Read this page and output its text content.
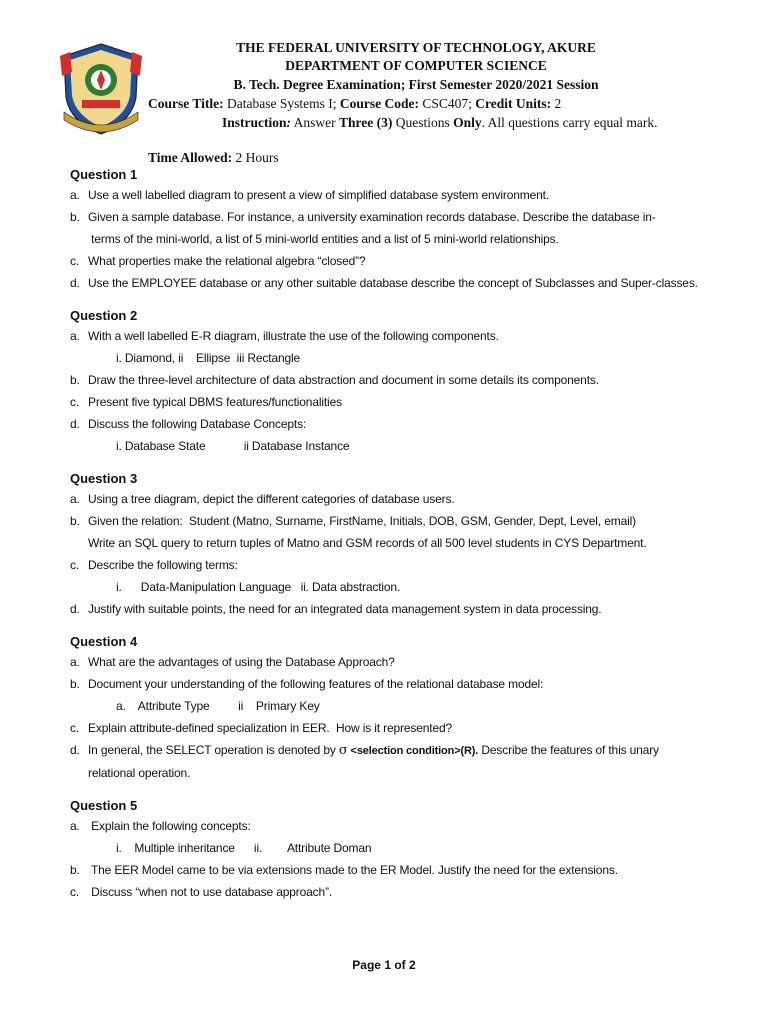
THE FEDERAL UNIVERSITY OF TECHNOLOGY, AKURE
DEPARTMENT OF COMPUTER SCIENCE
B. Tech. Degree Examination; First Semester 2020/2021 Session
Course Title: Database Systems I; Course Code: CSC407; Credit Units: 2
Instruction: Answer Three (3) Questions Only. All questions carry equal mark.
Time Allowed: 2 Hours
Question 1
a. Use a well labelled diagram to present a view of simplified database system environment.
b. Given a sample database. For instance, a university examination records database. Describe the database in-
terms of the mini-world, a list of 5 mini-world entities and a list of 5 mini-world relationships.
c. What properties make the relational algebra “closed”?
d. Use the EMPLOYEE database or any other suitable database describe the concept of Subclasses and Super-classes.
Question 2
a. With a well labelled E-R diagram, illustrate the use of the following components.
i. Diamond, ii    Ellipse  iii Rectangle
b. Draw the three-level architecture of data abstraction and document in some details its components.
c. Present five typical DBMS features/functionalities
d. Discuss the following Database Concepts:
i. Database State            ii Database Instance
Question 3
a. Using a tree diagram, depict the different categories of database users.
b. Given the relation:  Student (Matno, Surname, FirstName, Initials, DOB, GSM, Gender, Dept, Level, email)
Write an SQL query to return tuples of Matno and GSM records of all 500 level students in CYS Department.
c. Describe the following terms:
i.      Data-Manipulation Language   ii. Data abstraction.
d. Justify with suitable points, the need for an integrated data management system in data processing.
Question 4
a. What are the advantages of using the Database Approach?
b. Document your understanding of the following features of the relational database model:
a.    Attribute Type         ii    Primary Key
c. Explain attribute-defined specialization in EER.  How is it represented?
d. In general, the SELECT operation is denoted by σ <selection condition>(R). Describe the features of this unary
relational operation.
Question 5
a. Explain the following concepts:
i.    Multiple inheritance      ii.        Attribute Doman
b. The EER Model came to be via extensions made to the ER Model. Justify the need for the extensions.
c. Discuss “when not to use database approach”.
Page 1 of 2
